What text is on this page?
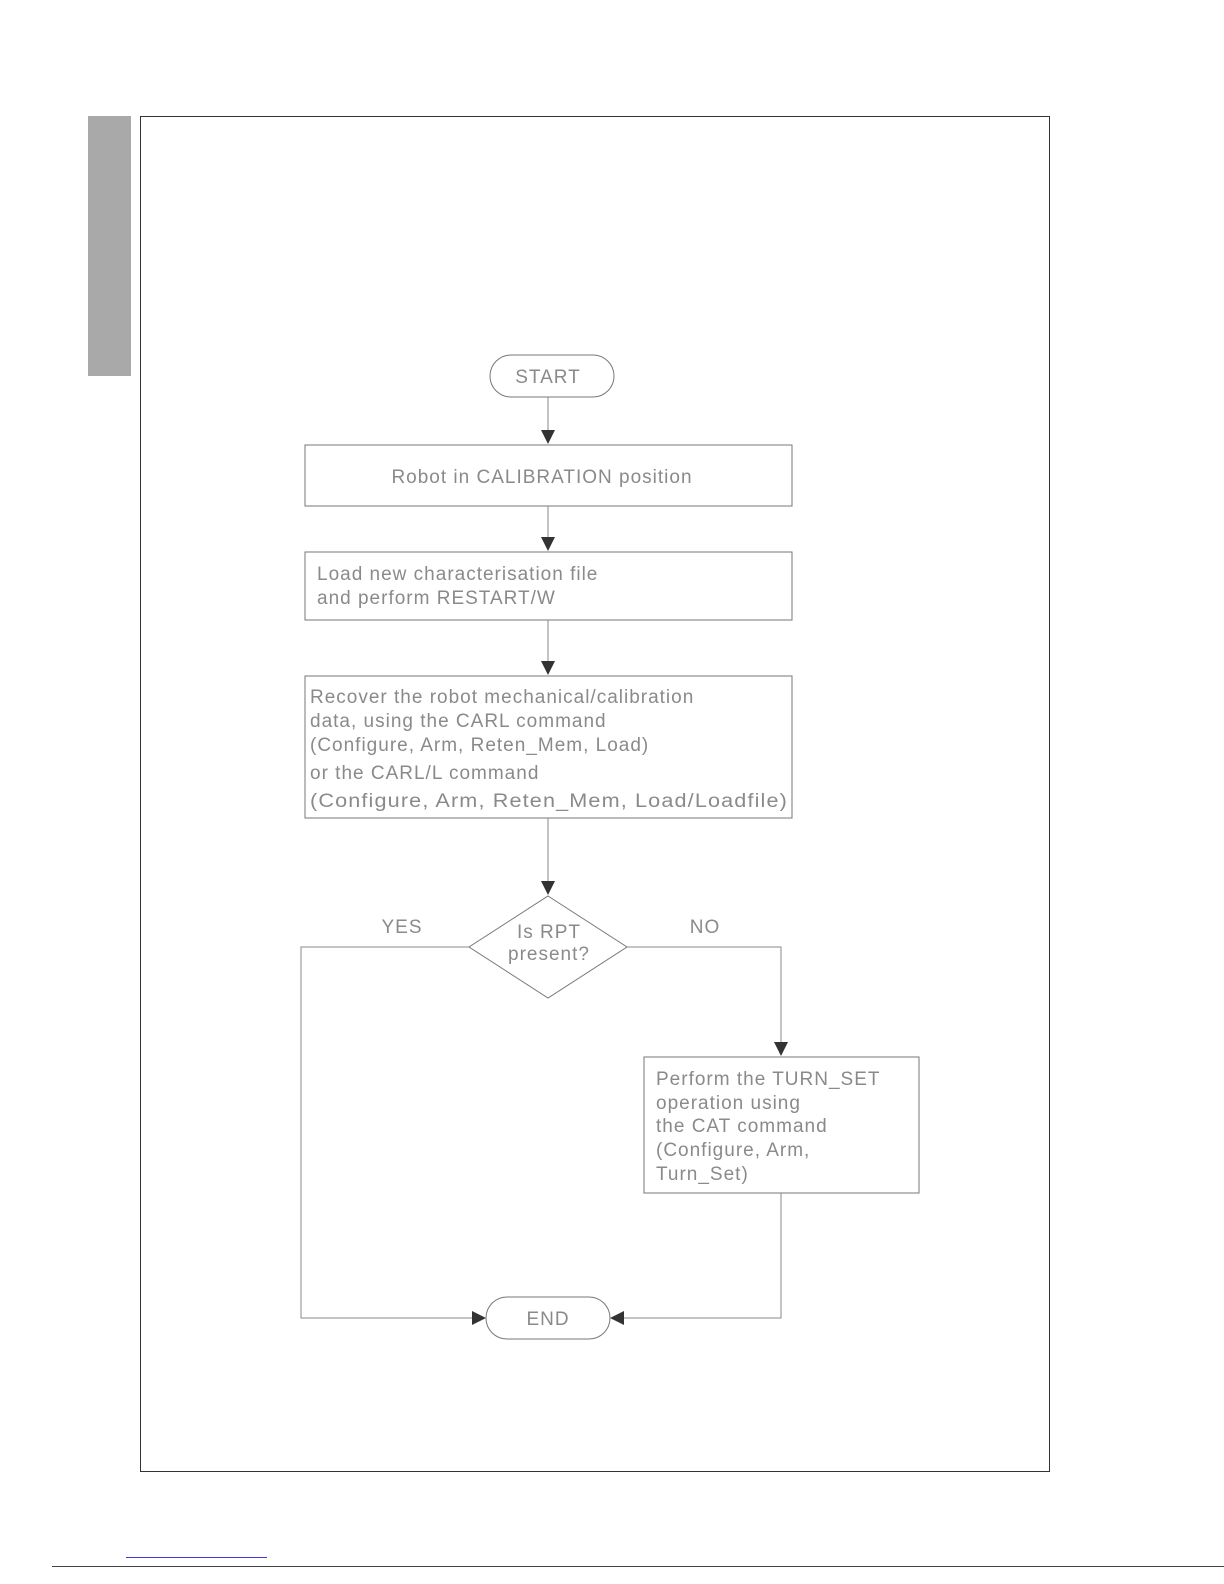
START
Robot in CALIBRATION position
Load new characterisation file
and perform RESTART/W
Recover the robot mechanical/calibration
data, using the CARL command
(Configure, Arm, Reten_Mem, Load)
or the CARL/L command
(Configure, Arm, Reten_Mem, Load/Loadfile)
Is RPT
present?
YES	NO
Perform the TURN_SET
operation using
the CAT command
(Configure, Arm,
Turn_Set)
END
